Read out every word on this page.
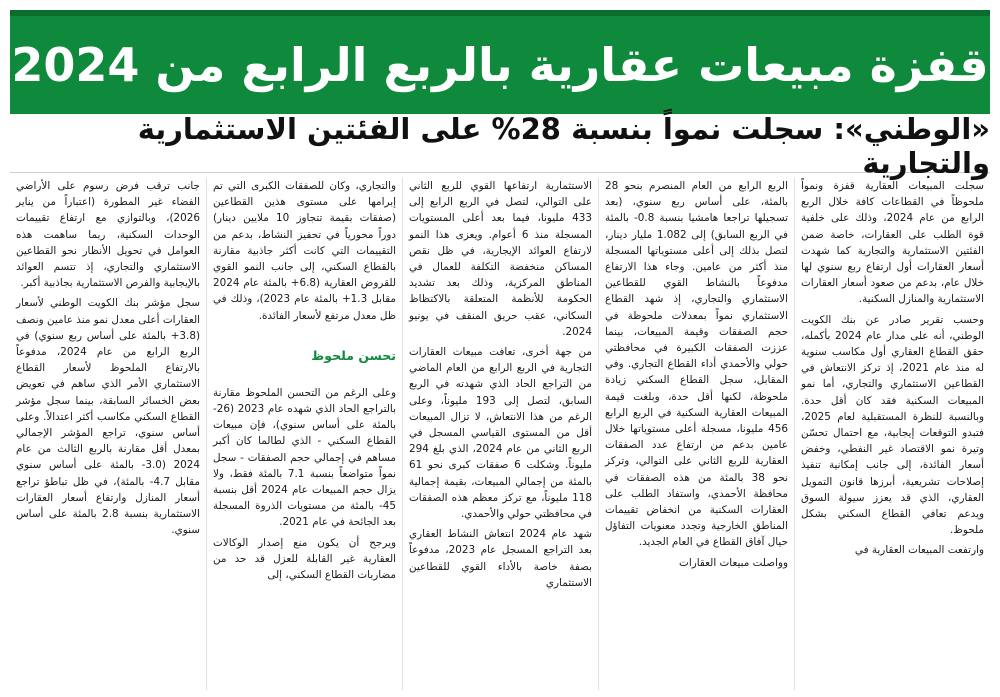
قفزة مبيعات عقارية بالربع الرابع من 2024
«الوطني»: سجلت نمواً بنسبة 28% على الفئتين الاستثمارية والتجارية

سجلت المبيعات العقارية قفزة ونمواً ملحوظاً في القطاعات كافة خلال الربع الرابع من عام 2024، وذلك على خلفية قوة الطلب على العقارات، خاصة ضمن الفئتين الاستثمارية والتجارية كما شهدت أسعار العقارات أول ارتفاع ربع سنوي لها خلال عام، بدعم من صعود أسعار العقارات الاستثمارية والمنازل السكنية.

وحسب تقرير صادر عن بنك الكويت الوطني، أنه على مدار عام 2024 بأكمله، حقق القطاع العقاري أول مكاسب سنوية له منذ عام 2021، إذ تركز الانتعاش في القطاعين الاستثماري والتجاري، أما نمو المبيعات السكنية فقد كان أقل حدة. وبالنسبة للنظرة المستقبلية لعام 2025، فتبدو التوقعات إيجابية، مع احتمال تحسّن وتيرة نمو الاقتصاد غير النفطي، وخفض أسعار الفائدة، إلى جانب إمكانية تنفيذ إصلاحات تشريعية، أبرزها قانون التمويل العقاري، الذي قد يعزز سيولة السوق ويدعم تعافي القطاع السكني بشكل ملحوظ.

وارتفعت المبيعات العقارية في

الربع الرابع من العام المنصرم بنحو 28 بالمئة، على أساس ربع سنوي، (بعد تسجيلها تراجعا هامشيا بنسبة 0.8- بالمئة في الربع السابق) إلى 1.082 مليار دينار، لتصل بذلك إلى أعلى مستوياتها المسجلة منذ أكثر من عامين. وجاء هذا الارتفاع مدفوعاً بالنشاط القوي للقطاعين الاستثماري والتجاري، إذ شهد القطاع الاستثماري نمواً بمعدلات ملحوظة في حجم الصفقات وقيمة المبيعات، بينما عززت الصفقات الكبيرة في محافظتي حولي والأحمدي أداء القطاع التجاري. وفي المقابل، سجل القطاع السكني زيادة ملحوظة، لكنها أقل حدة، وبلغت قيمة المبيعات العقارية السكنية في الربع الرابع 456 مليونا، مسجلة أعلى مستوياتها خلال عامين بدعم من ارتفاع عدد الصفقات العقارية للربع الثاني على التوالي، وتركز نحو 38 بالمئة من هذه الصفقات في محافظة الأحمدي، واستفاد الطلب على العقارات السكنية من انخفاض تقييمات المناطق الخارجية وتجدد معنويات التفاؤل حيال آفاق القطاع في العام الجديد.

وواصلت مبيعات العقارات

الاستثمارية ارتفاعها القوي للربع الثاني على التوالي، لتصل في الربع الرابع إلى 433 مليونا، فيما بعد أعلى المستويات المسجلة منذ 6 أعوام. ويعزى هذا النمو لارتفاع العوائد الإيجارية، في ظل نقص المساكن منخفضة التكلفة للعمال في المناطق المركزية، وذلك بعد تشديد الحكومة للأنظمة المتعلقة بالاكتظاظ السكاني، عقب حريق المنقف في يونيو 2024.

من جهة أخرى، تعافت مبيعات العقارات التجارية في الربع الرابع من العام الماضي من التراجع الحاد الذي شهدته في الربع السابق، لتصل إلى 193 مليوناً، وعلى الرغم من هذا الانتعاش، لا تزال المبيعات أقل من المستوى القياسي المسجل في الربع الثاني من عام 2024، الذي بلغ 294 مليوناً. وشكلت 6 صفقات كبرى نحو 61 بالمئة من إجمالي المبيعات، بقيمة إجمالية 118 مليوناً، مع تركز معظم هذه الصفقات في محافظتي حولي والأحمدي.

شهد عام 2024 انتعاش النشاط العقاري بعد التراجع المسجل عام 2023، مدفوعاً بصفة خاصة بالأداء القوي للقطاعين الاستثماري

والتجاري، وكان للصفقات الكبرى التي تم إبرامها على مستوى هذين القطاعين (صفقات بقيمة تتجاوز 10 ملايين دينار) دوراً محورياً في تحفيز النشاط، بدعم من التقييمات التي كانت أكثر جاذبية مقارنة بالقطاع السكني، إلى جانب النمو القوي للقروض العقارية (6.8+ بالمئة عام 2024 مقابل 1.3+ بالمئة عام 2023)، وذلك في ظل معدل مرتفع لأسعار الفائدة.

تحسن ملحوظ

وعلى الرغم من التحسن الملحوظ مقارنة بالتراجع الحاد الذي شهده عام 2023 (26- بالمئة على أساس سنوي)، فإن مبيعات القطاع السكني - الذي لطالما كان أكبر مساهم في إجمالي حجم الصفقات - سجل نمواً متواضعاً بنسبة 7.1 بالمئة فقط، ولا يزال حجم المبيعات عام 2024 أقل بنسبة 45- بالمئة من مستويات الذروة المسجلة بعد الجائحة في عام 2021.

ويرجح أن يكون منع إصدار الوكالات العقارية غير القابلة للعزل قد حد من مضاربات القطاع السكني، إلى

جانب ترقب فرض رسوم على الأراضي الفضاء غير المطورة (اعتباراً من يناير 2026)، وبالتوازي مع ارتفاع تقييمات الوحدات السكنية، ربما ساهمت هذه العوامل في تحويل الأنظار نحو القطاعين الاستثماري والتجاري، إذ تتسم العوائد بالإيجابية والفرص الاستثمارية بجاذبية أكبر.

سجل مؤشر بنك الكويت الوطني لأسعار العقارات أعلى معدل نمو منذ عامين ونصف (3.8+ بالمئة على أساس ربع سنوي) في الربع الرابع من عام 2024، مدفوعاً بالارتفاع الملحوظ لأسعار القطاع الاستثماري الأمر الذي ساهم في تعويض بعض الخسائر السابقة، بينما سجل مؤشر القطاع السكني مكاسب أكثر اعتدالاً. وعلى أساس سنوي، تراجع المؤشر الإجمالي بمعدل أقل مقارنة بالربع الثالث من عام 2024 (3.0- بالمئة على أساس سنوي مقابل 4.7- بالمئة)، في ظل تباطؤ تراجع أسعار المنازل وارتفاع أسعار العقارات الاستثمارية بنسبة 2.8 بالمئة على أساس سنوي.
